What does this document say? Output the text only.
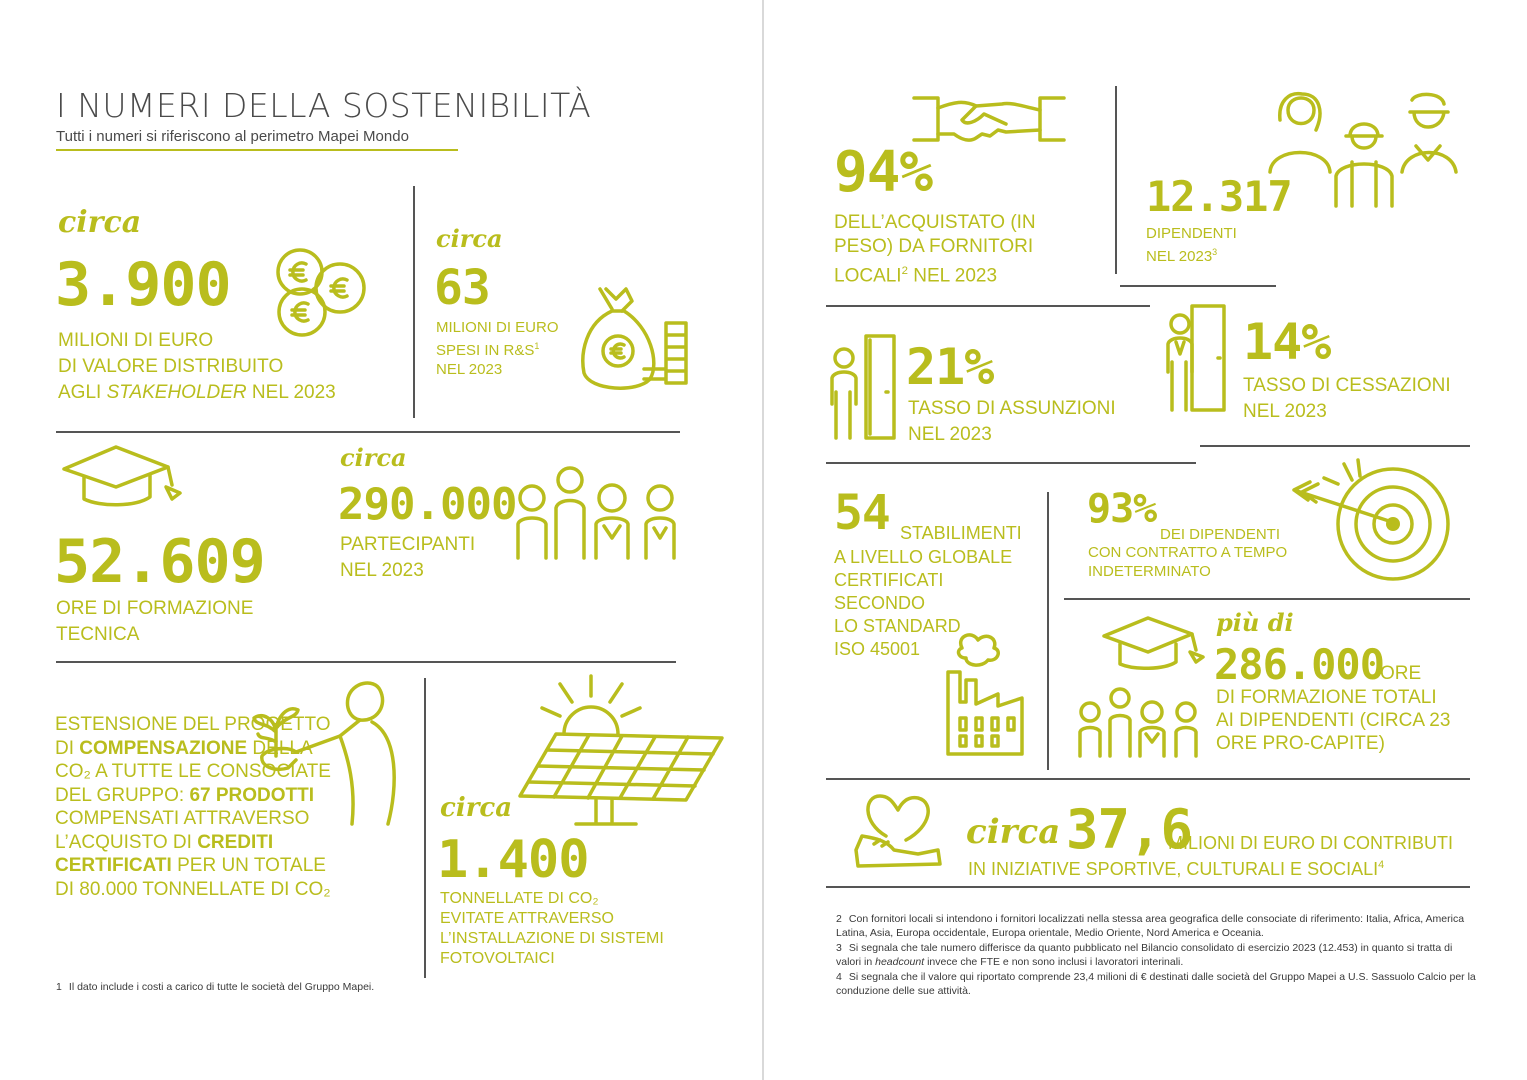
I NUMERI DELLA SOSTENIBILITÀ
Tutti i numeri si riferiscono al perimetro Mapei Mondo
circa
3.900
MILIONI DI EURO
DI VALORE DISTRIBUITO
AGLI STAKEHOLDER NEL 2023
circa
63
MILIONI DI EURO
SPESI IN $R\&S^1$
NEL 2023
52.609
ORE DI FORMAZIONE
TECNICA
circa
290.000
PARTECIPANTI
NEL 2023
ESTENSIONE DEL PROGETTO DI COMPENSAZIONE DELLA CO₂ A TUTTE LE CONSOCIATE DEL GRUPPO: 67 PRODOTTI COMPENSATI ATTRAVERSO L’ACQUISTO DI CREDITI CERTIFICATI PER UN TOTALE DI 80.000 TONNELLATE DI CO₂
circa
1.400
TONNELLATE DI CO₂
EVITATE ATTRAVERSO
L’INSTALLAZIONE DI SISTEMI
FOTOVOLTAICI
1 Il dato include i costi a carico di tutte le società del Gruppo Mapei.
94%
DELL’ACQUISTATO (IN
PESO) DA FORNITORI
LOCALI$^2$ NEL 2023
12.317
DIPENDENTI
NEL 2023$^3$
21%
TASSO DI ASSUNZIONI
NEL 2023
14%
TASSO DI CESSAZIONI
NEL 2023
54 STABILIMENTI
A LIVELLO GLOBALE
CERTIFICATI
SECONDO
LO STANDARD
ISO 45001
93%
DEI DIPENDENTI
CON CONTRATTO A TEMPO
INDETERMINATO
più di
286.000
ORE
DI FORMAZIONE TOTALI
AI DIPENDENTI (CIRCA 23
ORE PRO-CAPITE)
circa 37,6
MILIONI DI EURO DI CONTRIBUTI
IN INIZIATIVE SPORTIVE, CULTURALI E SOCIALI$^4$
2 Con fornitori locali si intendono i fornitori localizzati nella stessa area geografica delle consociate di riferimento: Italia, Africa, America Latina, Asia, Europa occidentale, Europa orientale, Medio Oriente, Nord America e Oceania.
3 Si segnala che tale numero differisce da quanto pubblicato nel Bilancio consolidato di esercizio 2023 (12.453) in quanto si tratta di valori in headcount invece che FTE e non sono inclusi i lavoratori interinali.
4 Si segnala che il valore qui riportato comprende 23,4 milioni di € destinati dalle società del Gruppo Mapei a U.S. Sassuolo Calcio per la conduzione delle sue attività.
